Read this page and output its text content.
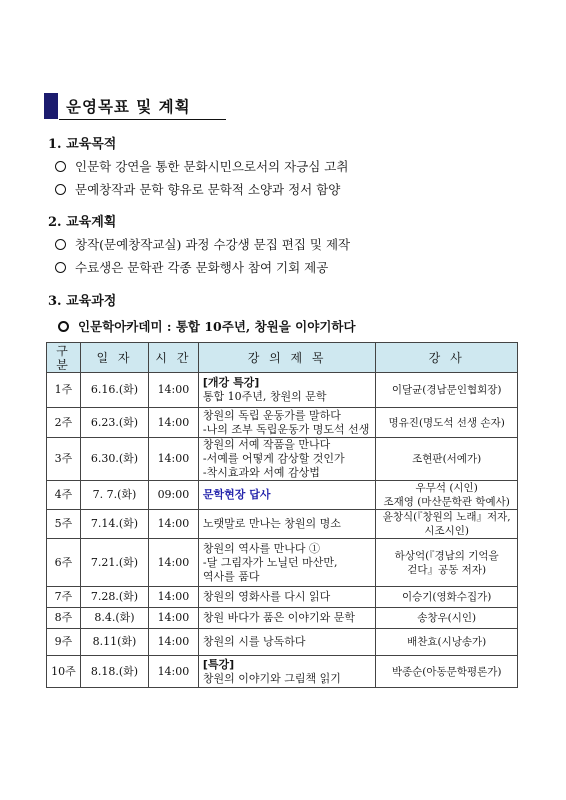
운영목표 및 계획
1. 교육목적
인문학 강연을 통한 문화시민으로서의 자긍심 고취
문예창작과 문학 향유로 문학적 소양과 정서 함양
2. 교육계획
창작(문예창작교실) 과정 수강생 문집 편집 및 제작
수료생은 문학관 각종 문화행사 참여 기회 제공
3. 교육과정
인문학아카데미 : 통합 10주년, 창원을 이야기하다
구분	일 자	시 간	강 의 제 목	강 사
1주	6.16.(화)	14:00	[개강 특강]
통합 10주년, 창원의 문학	이달균(경남문인협회장)

2주	6.23.(화)	14:00	창원의 독립 운동가를 말하다
-나의 조부 독립운동가 명도석 선생	명유진(명도석 선생 손자)

3주	6.30.(화)	14:00	창원의 서예 작품을 만나다
-서예를 어떻게 감상할 것인가
-착시효과와 서예 감상법	조현판(서예가)

4주	7. 7.(화)	09:00	문학현장 답사	우무석 (시인)
조재영 (마산문학관 학예사)

5주	7.14.(화)	14:00	노랫말로 만나는 창원의 명소	윤창식(『창원의 노래』저자,
시조시인)

6주	7.21.(화)	14:00	창원의 역사를 만나다 ①
-달 그림자가 노닐던 마산만,
역사를 품다	하상억(『경남의 기억을
걷다』공동 저자)

7주	7.28.(화)	14:00	창원의 영화사를 다시 읽다	이승기(영화수집가)

8주	8.4.(화)	14:00	창원 바다가 품은 이야기와 문학	송창우(시인)

9주	8.11(화)	14:00	창원의 시를 낭독하다	배찬효(시낭송가)

10주	8.18.(화)	14:00	[특강]
창원의 이야기와 그림책 읽기	박종순(아동문학평론가)
